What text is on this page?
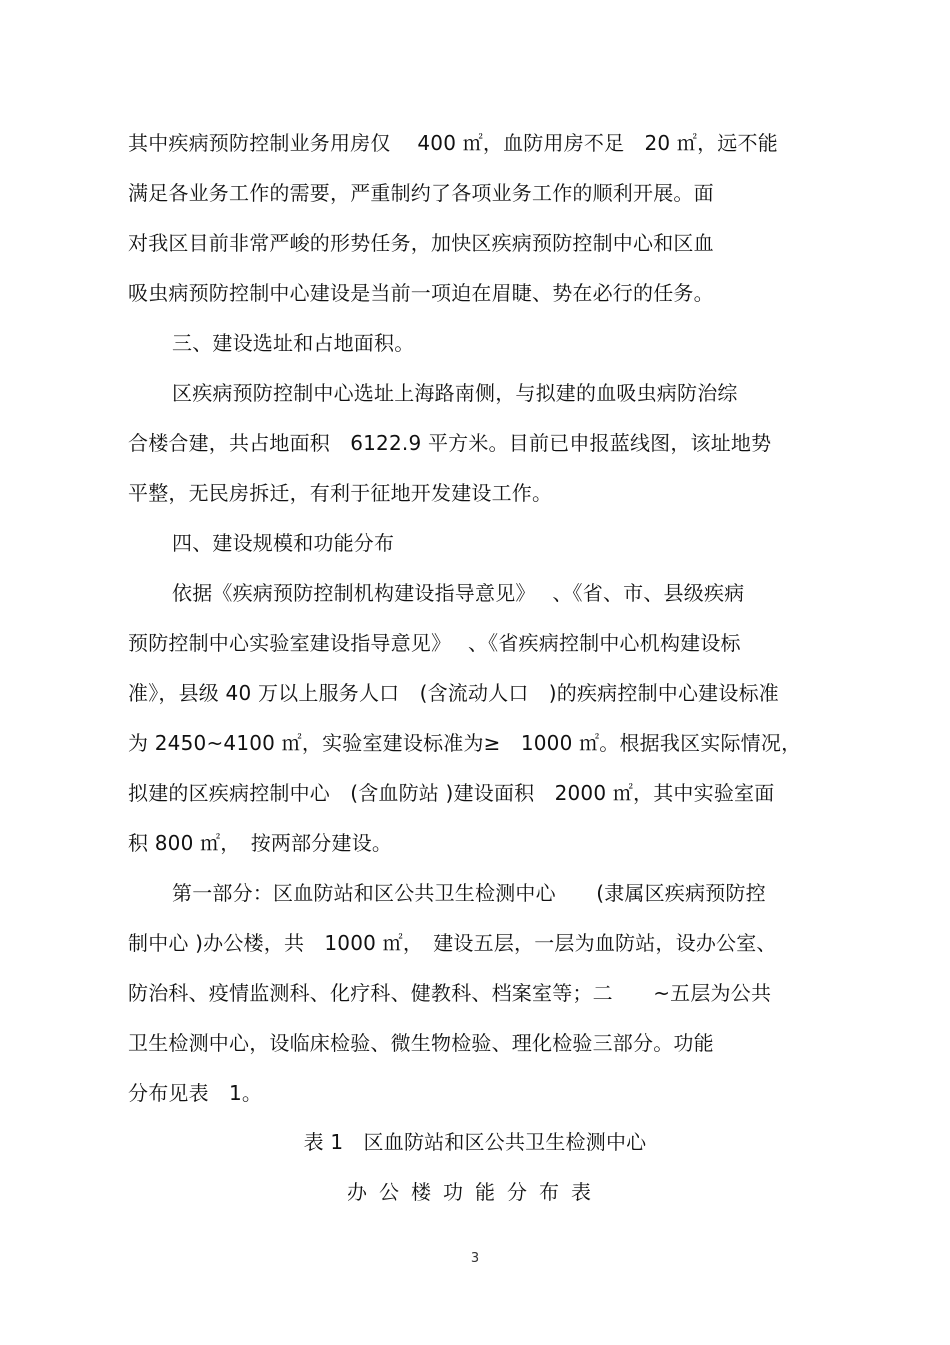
其中疾病预防控制业务用房仅　 400 ㎡，血防用房不足　20 ㎡，远不能
满足各业务工作的需要，严重制约了各项业务工作的顺利开展。面
对我区目前非常严峻的形势任务，加快区疾病预防控制中心和区血
吸虫病预防控制中心建设是当前一项迫在眉睫、势在必行的任务。
三、建设选址和占地面积。
区疾病预防控制中心选址上海路南侧，与拟建的血吸虫病防治综
合楼合建，共占地面积　6122.9 平方米。目前已申报蓝线图，该址地势
平整，无民房拆迁，有利于征地开发建设工作。
四、建设规模和功能分布
依据《疾病预防控制机构建设指导意见》　 、《省、市、县级疾病
预防控制中心实验室建设指导意见》　 、《省疾病控制中心机构建设标
准》，县级 40 万以上服务人口　(含流动人口　)的疾病控制中心建设标准
为 2450~4100 ㎡，实验室建设标准为≥　1000 ㎡。根据我区实际情况，
拟建的区疾病控制中心　(含血防站 )建设面积　2000 ㎡，其中实验室面
积 800 ㎡，　按两部分建设。
第一部分：区血防站和区公共卫生检测中心　　(隶属区疾病预防控
制中心 )办公楼，共　1000 ㎡，　建设五层，一层为血防站，设办公室、
防治科、疫情监测科、化疗科、健教科、档案室等；二　　~五层为公共
卫生检测中心，设临床检验、微生物检验、理化检验三部分。功能
分布见表　1。
表 1　区血防站和区公共卫生检测中心
办公楼功能分布表
3
